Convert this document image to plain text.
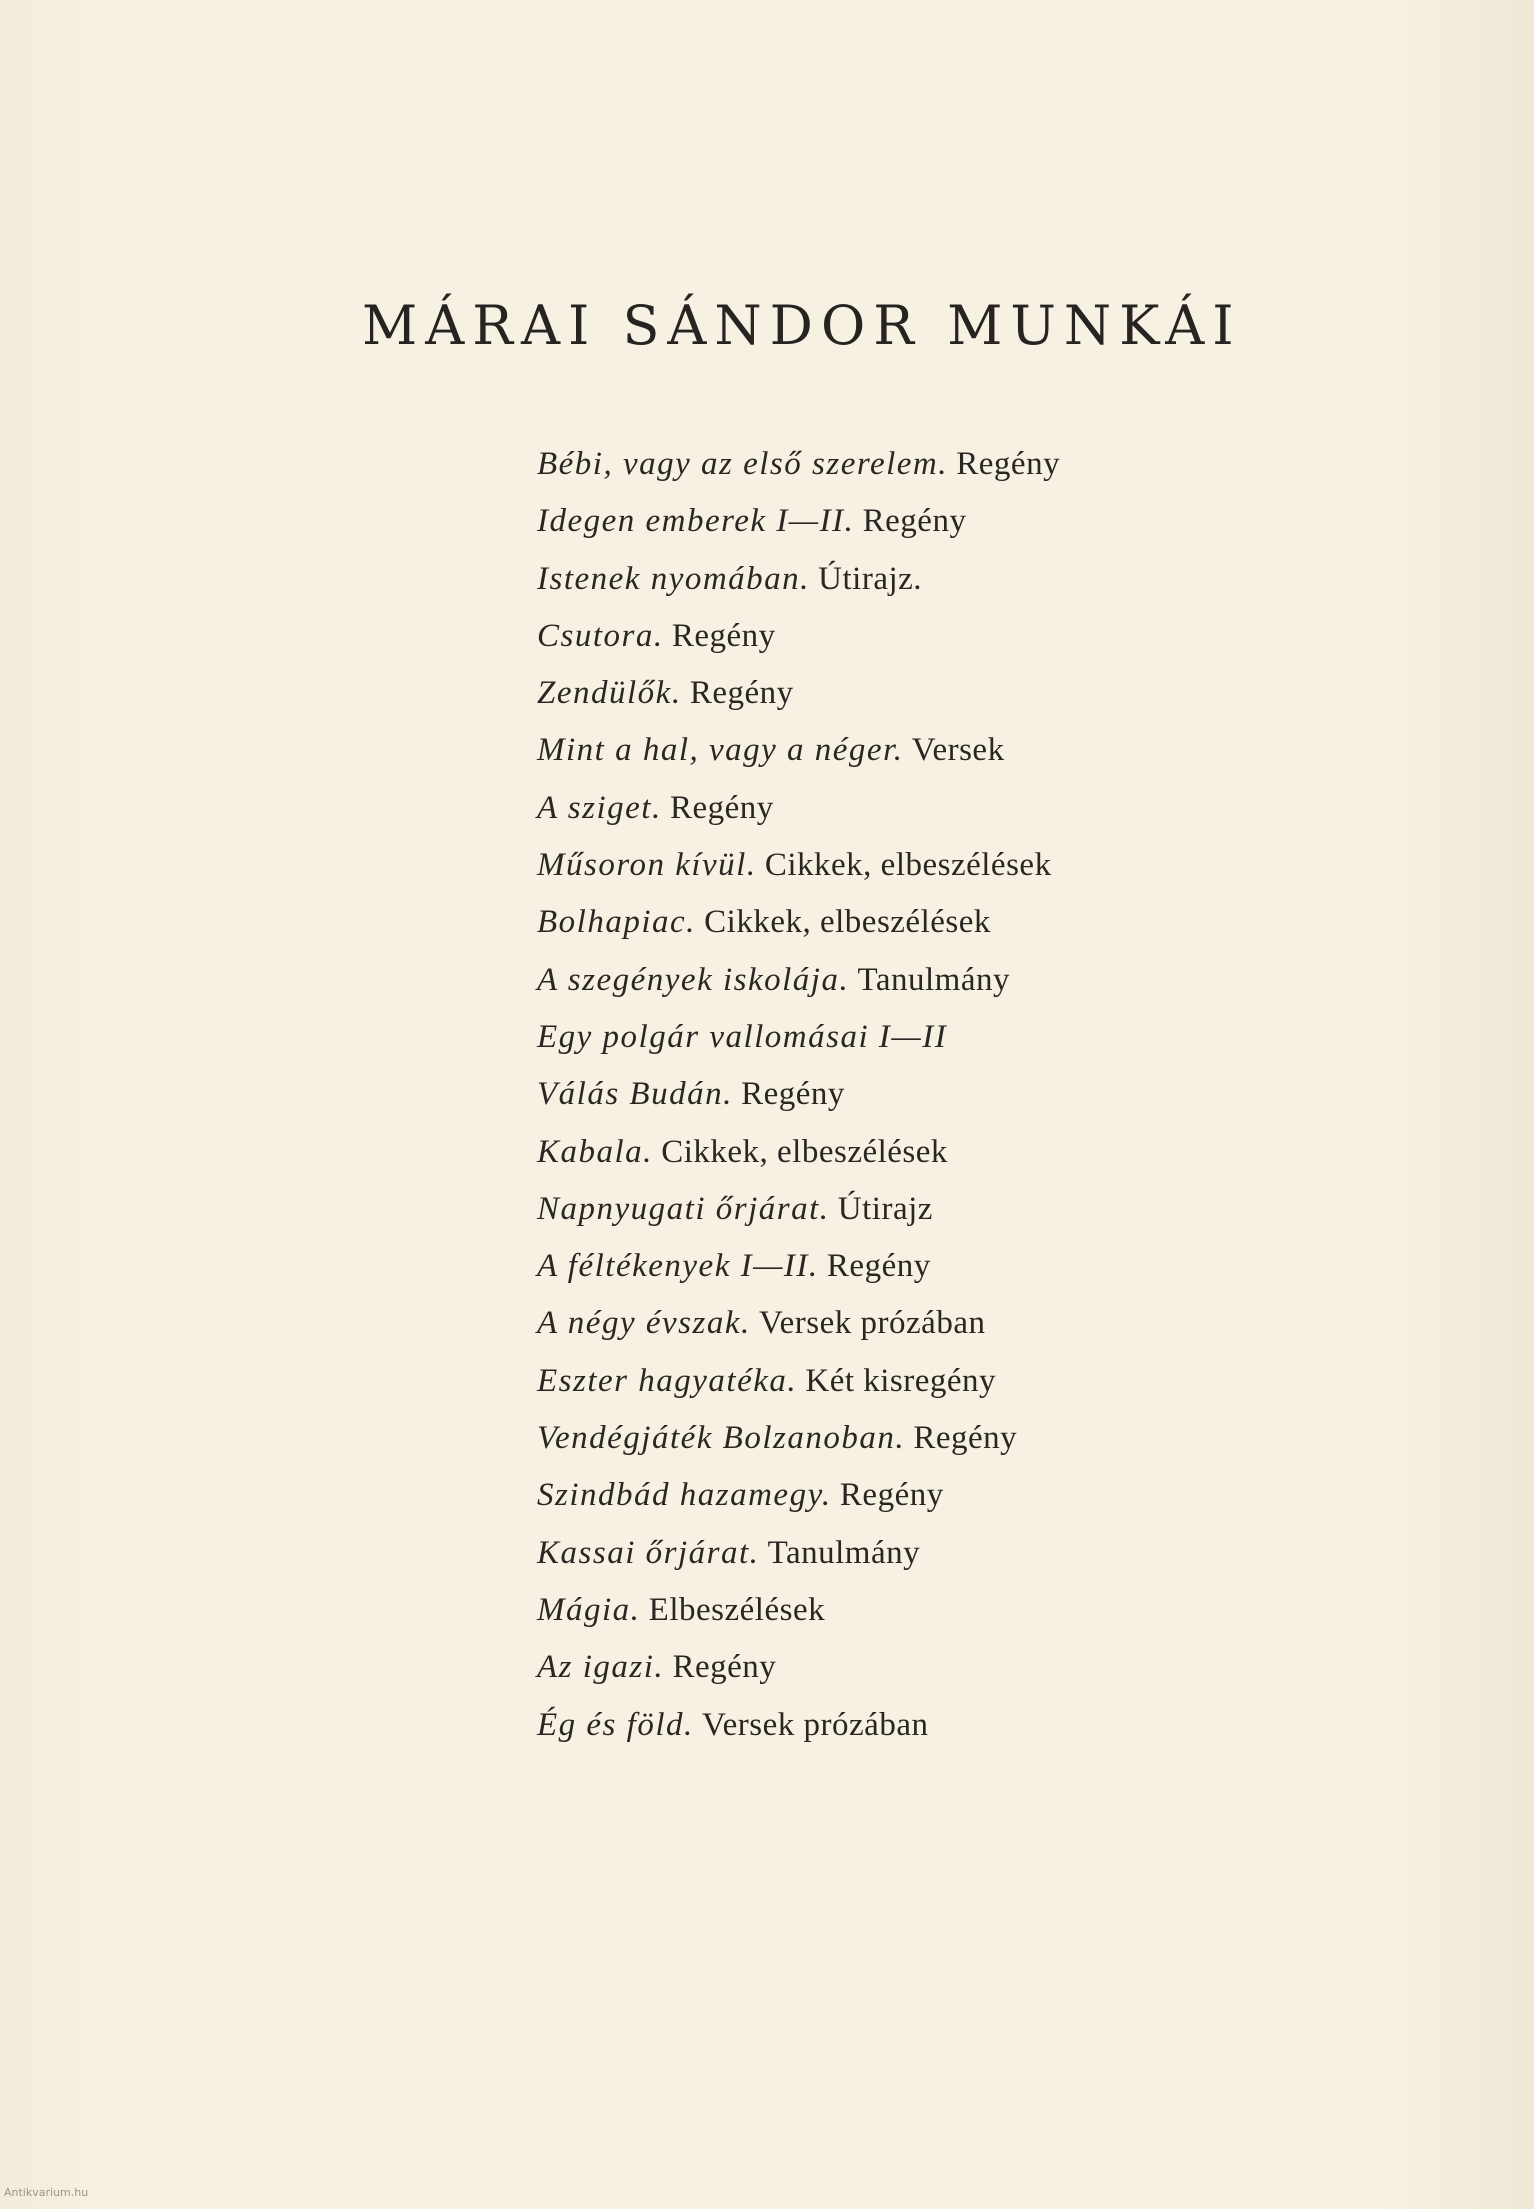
MÁRAI SÁNDOR MUNKÁI
Bébi, vagy az első szerelem. Regény
Idegen emberek I—II. Regény
Istenek nyomában. Útirajz.
Csutora. Regény
Zendülők. Regény
Mint a hal, vagy a néger. Versek
A sziget. Regény
Műsoron kívül. Cikkek, elbeszélések
Bolhapiac. Cikkek, elbeszélések
A szegények iskolája. Tanulmány
Egy polgár vallomásai I—II
Válás Budán. Regény
Kabala. Cikkek, elbeszélések
Napnyugati őrjárat. Útirajz
A féltékenyek I—II. Regény
A négy évszak. Versek prózában
Eszter hagyatéka. Két kisregény
Vendégjáték Bolzanoban. Regény
Szindbád hazamegy. Regény
Kassai őrjárat. Tanulmány
Mágia. Elbeszélések
Az igazi. Regény
Ég és föld. Versek prózában
Antikvarium.hu
